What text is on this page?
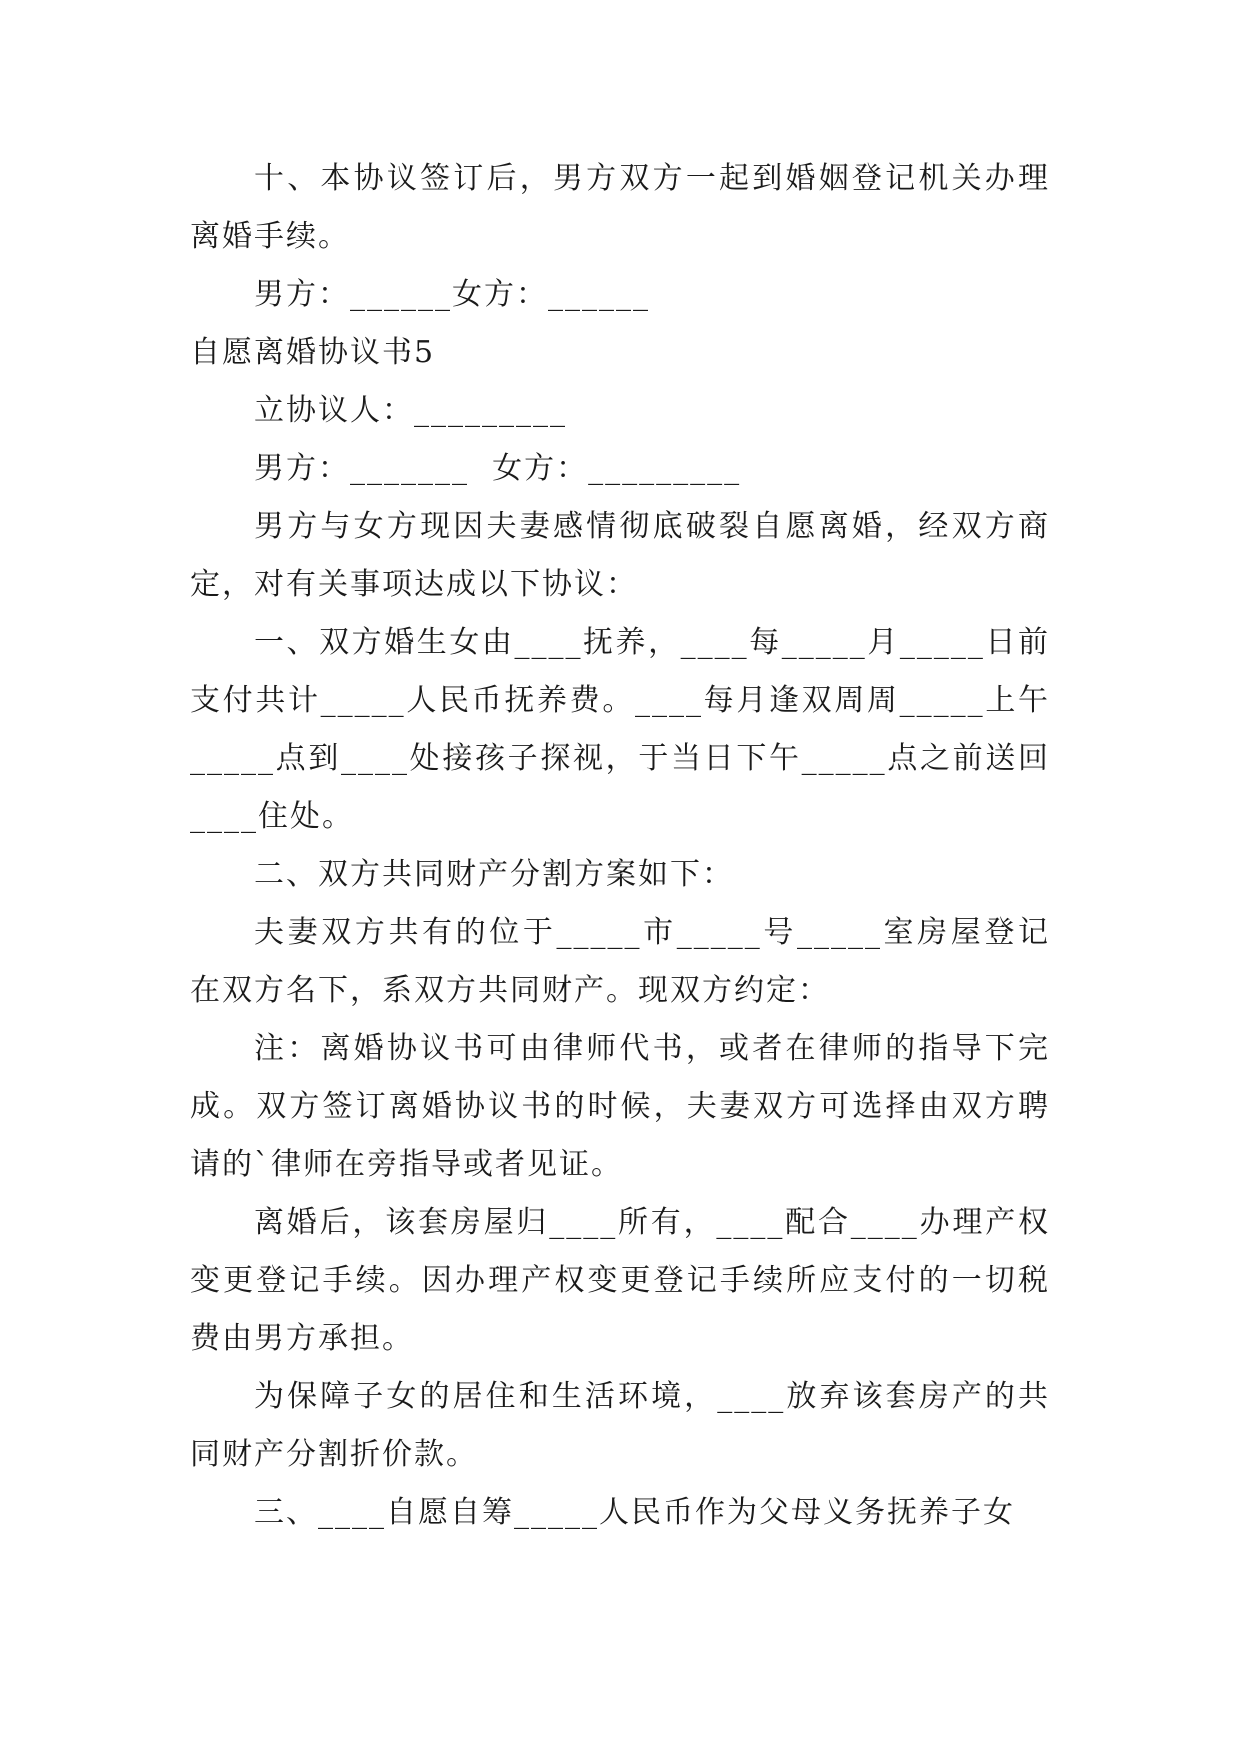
十、本协议签订后，男方双方一起到婚姻登记机关办理离婚手续。

男方：______女方：______

自愿离婚协议书5

立协议人：_________

男方：_______  女方：_________

男方与女方现因夫妻感情彻底破裂自愿离婚，经双方商定，对有关事项达成以下协议：

一、双方婚生女由____抚养，____每_____月_____日前支付共计_____人民币抚养费。____每月逢双周周_____上午_____点到____处接孩子探视，于当日下午_____点之前送回____住处。

二、双方共同财产分割方案如下：

夫妻双方共有的位于_____市_____号_____室房屋登记在双方名下，系双方共同财产。现双方约定：

注：离婚协议书可由律师代书，或者在律师的指导下完成。双方签订离婚协议书的时候，夫妻双方可选择由双方聘请的`律师在旁指导或者见证。

离婚后，该套房屋归____所有，____配合____办理产权变更登记手续。因办理产权变更登记手续所应支付的一切税费由男方承担。

为保障子女的居住和生活环境，____放弃该套房产的共同财产分割折价款。

三、____自愿自筹_____人民币作为父母义务抚养子女
